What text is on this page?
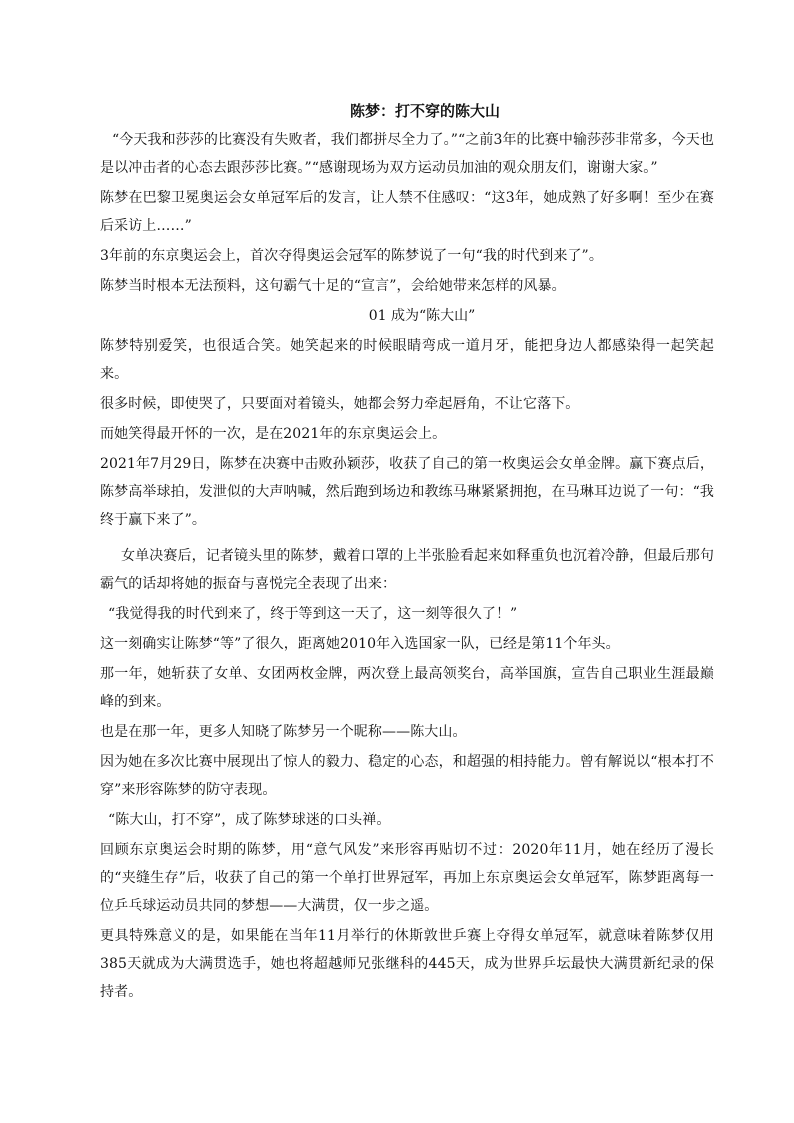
陈梦：打不穿的陈大山

“今天我和莎莎的比赛没有失败者，我们都拼尽全力了。”“之前3年的比赛中输莎莎非常多，今天也是以冲击者的心态去跟莎莎比赛。”“感谢现场为双方运动员加油的观众朋友们，谢谢大家。”

陈梦在巴黎卫冕奥运会女单冠军后的发言，让人禁不住感叹：“这3年，她成熟了好多啊！至少在赛后采访上……”

3年前的东京奥运会上，首次夺得奥运会冠军的陈梦说了一句“我的时代到来了”。

陈梦当时根本无法预料，这句霸气十足的“宣言”，会给她带来怎样的风暴。

01 成为“陈大山”

陈梦特别爱笑，也很适合笑。她笑起来的时候眼睛弯成一道月牙，能把身边人都感染得一起笑起来。

很多时候，即使哭了，只要面对着镜头，她都会努力牵起唇角，不让它落下。

而她笑得最开怀的一次，是在2021年的东京奥运会上。

2021年7月29日，陈梦在决赛中击败孙颖莎，收获了自己的第一枚奥运会女单金牌。赢下赛点后，陈梦高举球拍，发泄似的大声呐喊，然后跑到场边和教练马琳紧紧拥抱，在马琳耳边说了一句：“我终于赢下来了”。

女单决赛后，记者镜头里的陈梦，戴着口罩的上半张脸看起来如释重负也沉着冷静，但最后那句霸气的话却将她的振奋与喜悦完全表现了出来：

“我觉得我的时代到来了，终于等到这一天了，这一刻等很久了！”

这一刻确实让陈梦“等”了很久，距离她2010年入选国家一队，已经是第11个年头。

那一年，她斩获了女单、女团两枚金牌，两次登上最高领奖台，高举国旗，宣告自己职业生涯最巅峰的到来。

也是在那一年，更多人知晓了陈梦另一个昵称——陈大山。

因为她在多次比赛中展现出了惊人的毅力、稳定的心态，和超强的相持能力。曾有解说以“根本打不穿”来形容陈梦的防守表现。

“陈大山，打不穿”，成了陈梦球迷的口头禅。

回顾东京奥运会时期的陈梦，用“意气风发”来形容再贴切不过：2020年11月，她在经历了漫长的“夹缝生存”后，收获了自己的第一个单打世界冠军，再加上东京奥运会女单冠军，陈梦距离每一位乒乓球运动员共同的梦想——大满贯，仅一步之遥。

更具特殊意义的是，如果能在当年11月举行的休斯敦世乒赛上夺得女单冠军，就意味着陈梦仅用385天就成为大满贯选手，她也将超越师兄张继科的445天，成为世界乒坛最快大满贯新纪录的保持者。
